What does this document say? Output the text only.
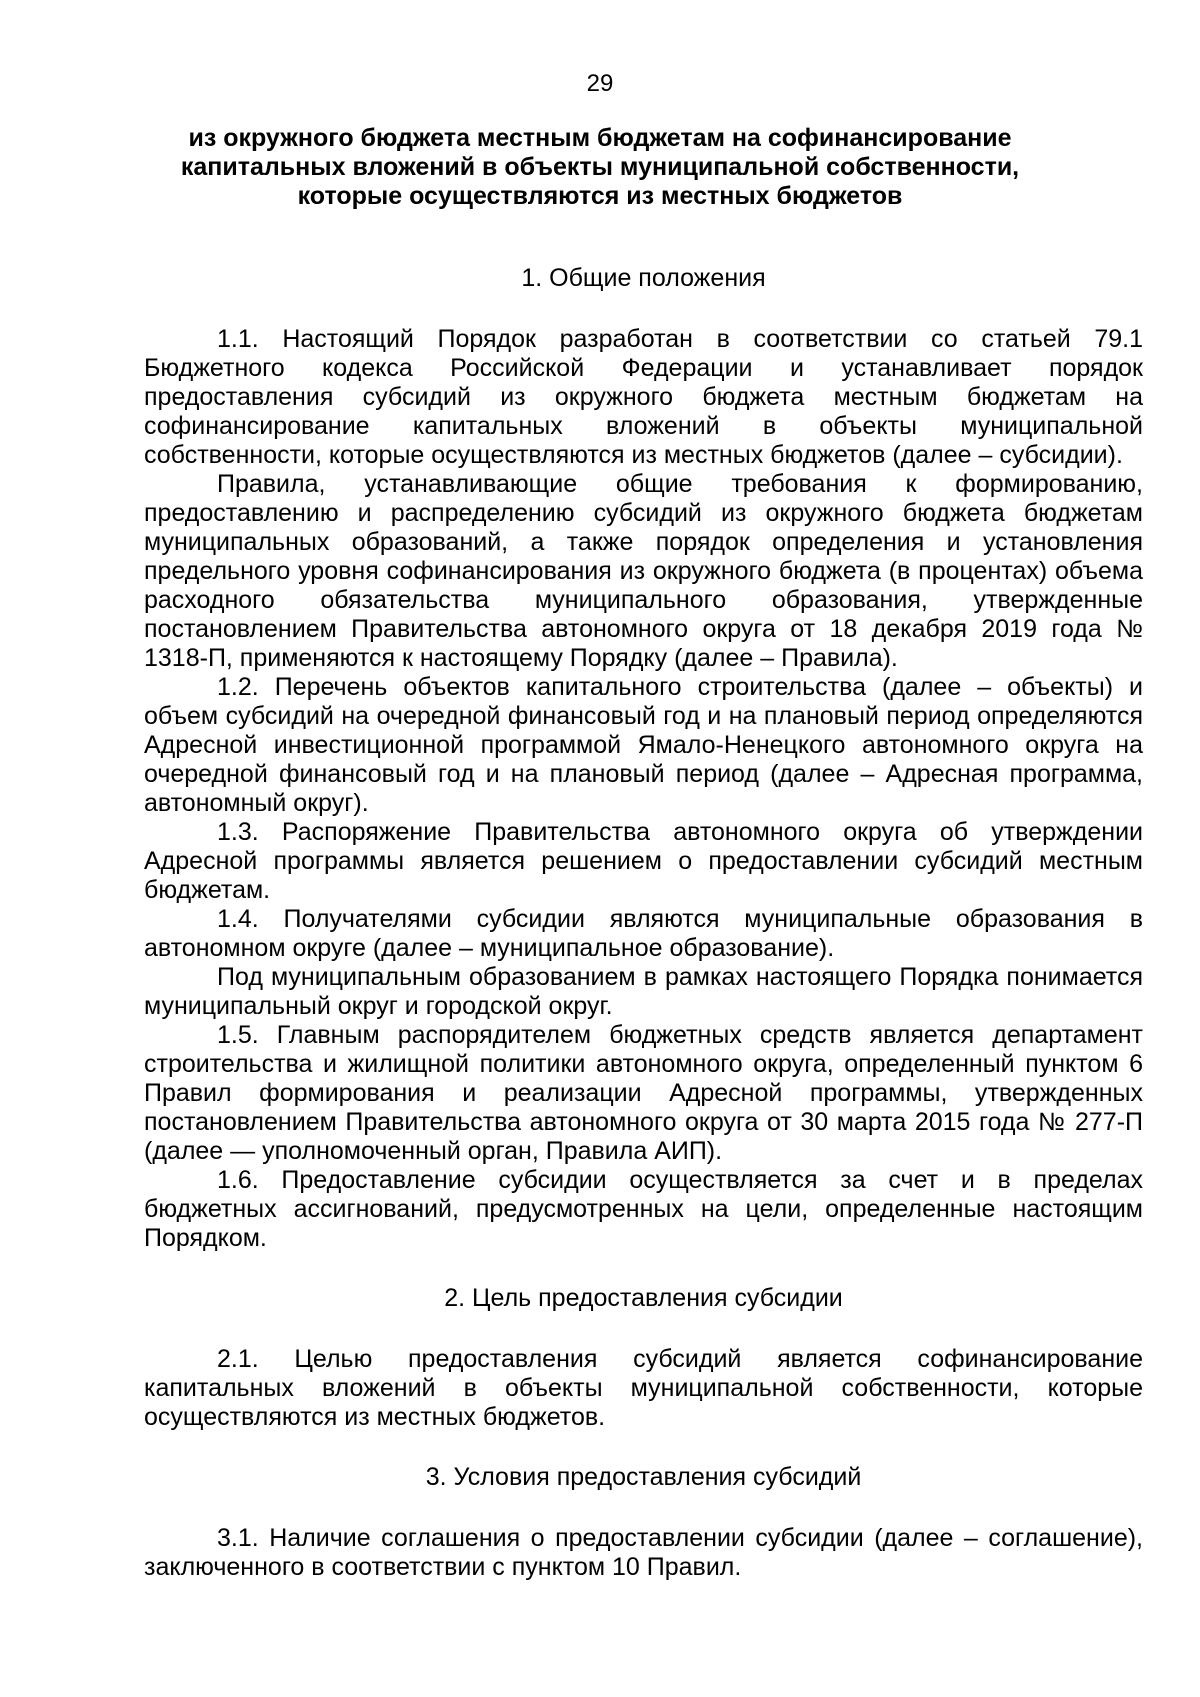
29
из окружного бюджета местным бюджетам на софинансирование
капитальных вложений в объекты муниципальной собственности,
которые осуществляются из местных бюджетов
1. Общие положения

1.1. Настоящий Порядок разработан в соответствии со статьей 79.1 Бюджетного кодекса Российской Федерации и устанавливает порядок предоставления субсидий из окружного бюджета местным бюджетам на софинансирование капитальных вложений в объекты муниципальной собственности, которые осуществляются из местных бюджетов (далее – субсидии).

Правила, устанавливающие общие требования к формированию, предоставлению и распределению субсидий из окружного бюджета бюджетам муниципальных образований, а также порядок определения и установления предельного уровня софинансирования из окружного бюджета (в процентах) объема расходного обязательства муниципального образования, утвержденные постановлением Правительства автономного округа от 18 декабря 2019 года № 1318-П, применяются к настоящему Порядку (далее – Правила).

1.2. Перечень объектов капитального строительства (далее – объекты) и объем субсидий на очередной финансовый год и на плановый период определяются Адресной инвестиционной программой Ямало-Ненецкого автономного округа на очередной финансовый год и на плановый период (далее – Адресная программа, автономный округ).

1.3. Распоряжение Правительства автономного округа об утверждении Адресной программы является решением о предоставлении субсидий местным бюджетам.

1.4. Получателями субсидии являются муниципальные образования в автономном округе (далее – муниципальное образование).

Под муниципальным образованием в рамках настоящего Порядка понимается муниципальный округ и городской округ.

1.5. Главным распорядителем бюджетных средств является департамент строительства и жилищной политики автономного округа, определенный пунктом 6 Правил формирования и реализации Адресной программы, утвержденных постановлением Правительства автономного округа от 30 марта 2015 года № 277-П (далее — уполномоченный орган, Правила АИП).

1.6. Предоставление субсидии осуществляется за счет и в пределах бюджетных ассигнований, предусмотренных на цели, определенные настоящим Порядком.

2. Цель предоставления субсидии

2.1. Целью предоставления субсидий является софинансирование капитальных вложений в объекты муниципальной собственности, которые осуществляются из местных бюджетов.

3. Условия предоставления субсидий

3.1. Наличие соглашения о предоставлении субсидии (далее – соглашение), заключенного в соответствии с пунктом 10 Правил.
